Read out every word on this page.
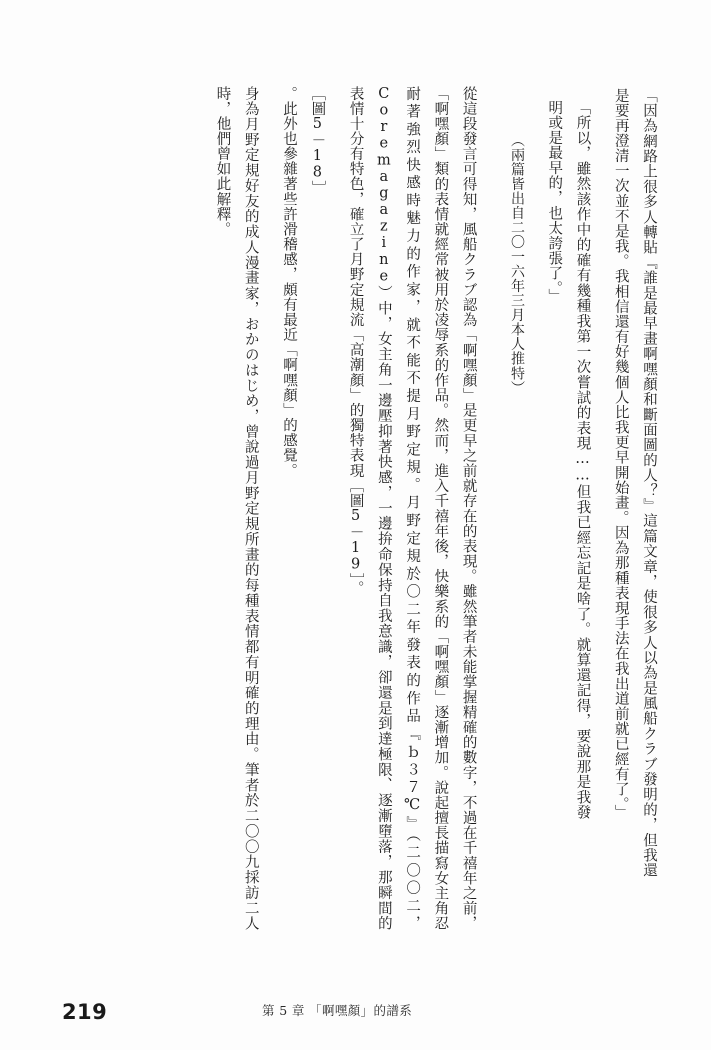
「因為網路上很多人轉貼『誰是最早畫啊嘿顏和斷面圖的人？』這篇文章，使很多人以為是風船クラブ發明的，但我還是要再澄清一次並不是我。我相信還有好幾個人比我更早開始畫。因為那種表現手法在我出道前就已經有了。」
「所以，雖然該作中的確有幾種我第一次嘗試的表現……但我已經忘記是啥了。就算還記得，要說那是我發明或是最早的，也太誇張了。」
（兩篇皆出自二〇一六年三月本人推特）
從這段發言可得知，風船クラブ認為「啊嘿顏」是更早之前就存在的表現。雖然筆者未能掌握精確的數字，不過在千禧年之前，「啊嘿顏」類的表情就經常被用於凌辱系的作品。然而，進入千禧年後，快樂系的「啊嘿顏」逐漸增加。說起擅長描寫女主角忍耐著強烈快感時魅力的作家，就不能不提月野定規。月野定規於〇二年發表的作品『ｂ３７℃』（二〇〇二，Coremagazine）中，女主角一邊壓抑著快感，一邊拚命保持自我意識，卻還是到達極限、逐漸墮落，那瞬間的表情十分有特色，確立了月野定規流「高潮顏」的獨特表現［圖5－19］。
［圖5－18］
。此外也參雜著些許滑稽感，頗有最近「啊嘿顏」的感覺。
身為月野定規好友的成人漫畫家，おかのはじめ，曾說過月野定規所畫的每種表情都有明確的理由。筆者於二〇〇九採訪二人時，他們曾如此解釋。
219	第 5 章 「啊嘿顏」的譜系
